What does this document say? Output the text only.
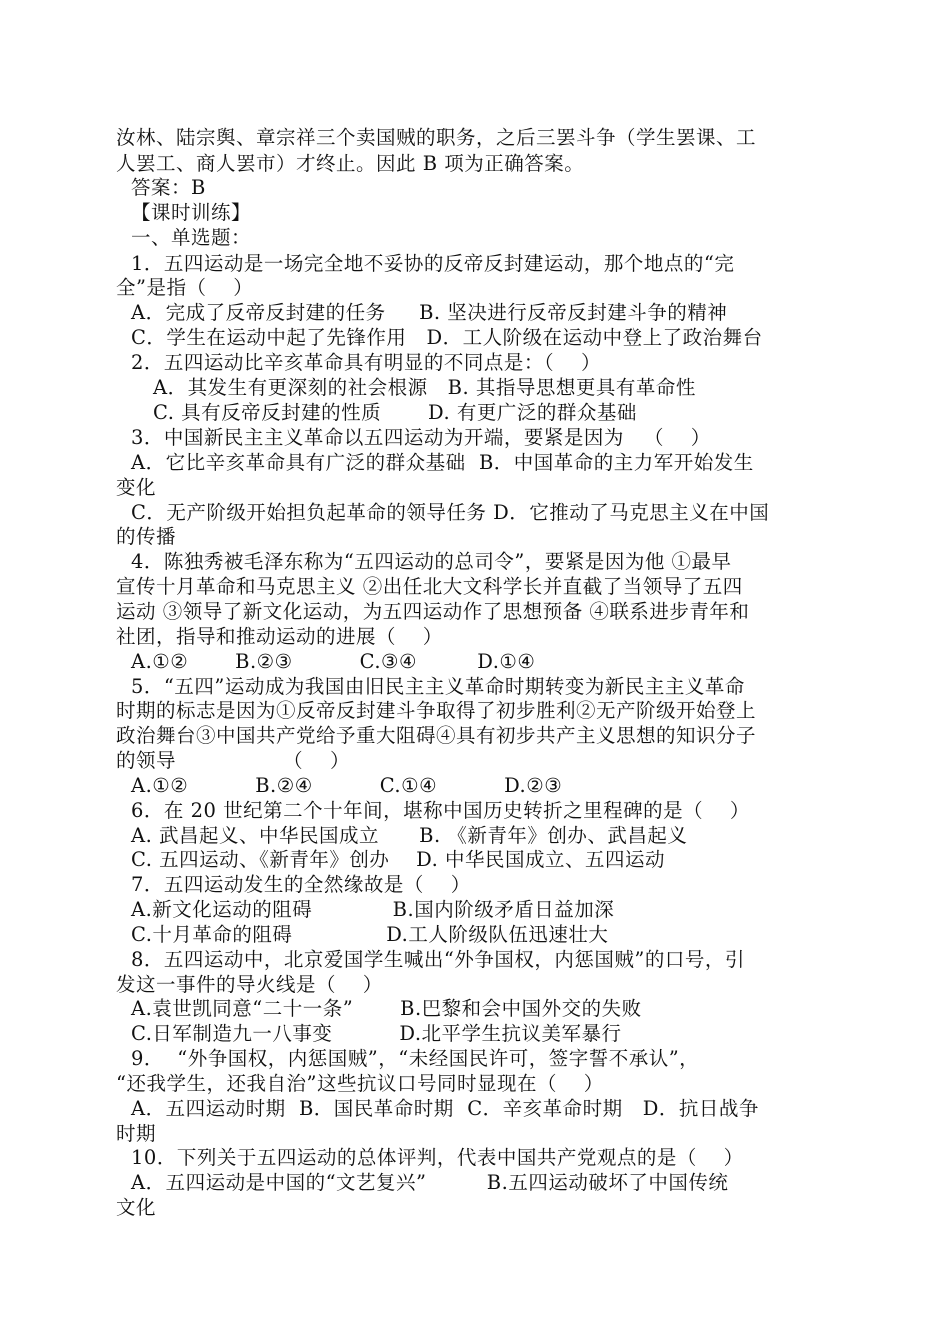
汝林、陆宗舆、章宗祥三个卖国贼的职务，之后三罢斗争（学生罢课、工
人罢工、商人罢市）才终止。因此 B 项为正确答案。
答案：B
【课时训练】
一、单选题：
1．五四运动是一场完全地不妥协的反帝反封建运动，那个地点的“完
全”是指（    ）
A．完成了反帝反封建的任务     B. 坚决进行反帝反封建斗争的精神
C．学生在运动中起了先锋作用   D．工人阶级在运动中登上了政治舞台
2．五四运动比辛亥革命具有明显的不同点是：（    ）
A．其发生有更深刻的社会根源   B. 其指导思想更具有革命性
C. 具有反帝反封建的性质       D. 有更广泛的群众基础
3．中国新民主主义革命以五四运动为开端，要紧是因为   （    ）
A．它比辛亥革命具有广泛的群众基础  B．中国革命的主力军开始发生
变化
C．无产阶级开始担负起革命的领导任务 D．它推动了马克思主义在中国
的传播
4．陈独秀被毛泽东称为“五四运动的总司令”，要紧是因为他 ①最早
宣传十月革命和马克思主义 ②出任北大文科学长并直截了当领导了五四
运动 ③领导了新文化运动，为五四运动作了思想预备 ④联系进步青年和
社团，指导和推动运动的进展（    ）
A.①②       B.②③          C.③④         D.①④
5．“五四”运动成为我国由旧民主主义革命时期转变为新民主主义革命
时期的标志是因为①反帝反封建斗争取得了初步胜利②无产阶级开始登上
政治舞台③中国共产党给予重大阻碍④具有初步共产主义思想的知识分子
的领导                （    ）
A.①②          B.②④          C.①④          D.②③
6．在 20 世纪第二个十年间，堪称中国历史转折之里程碑的是（    ）
A. 武昌起义、中华民国成立      B. 《新青年》创办、武昌起义
C. 五四运动、《新青年》创办    D. 中华民国成立、五四运动
7．五四运动发生的全然缘故是（    ）
A.新文化运动的阻碍            B.国内阶级矛盾日益加深
C.十月革命的阻碍              D.工人阶级队伍迅速壮大
8．五四运动中，北京爱国学生喊出“外争国权，内惩国贼”的口号，引
发这一事件的导火线是（    ）
A.袁世凯同意“二十一条”       B.巴黎和会中国外交的失败
C.日军制造九一八事变          D.北平学生抗议美军暴行
9．  “外争国权，内惩国贼”，“未经国民许可，签字誓不承认”，
“还我学生，还我自治”这些抗议口号同时显现在（    ）
A．五四运动时期  B．国民革命时期  C．辛亥革命时期   D．抗日战争
时期
10．下列关于五四运动的总体评判，代表中国共产党观点的是（    ）
A．五四运动是中国的“文艺复兴”         B.五四运动破坏了中国传统
文化
